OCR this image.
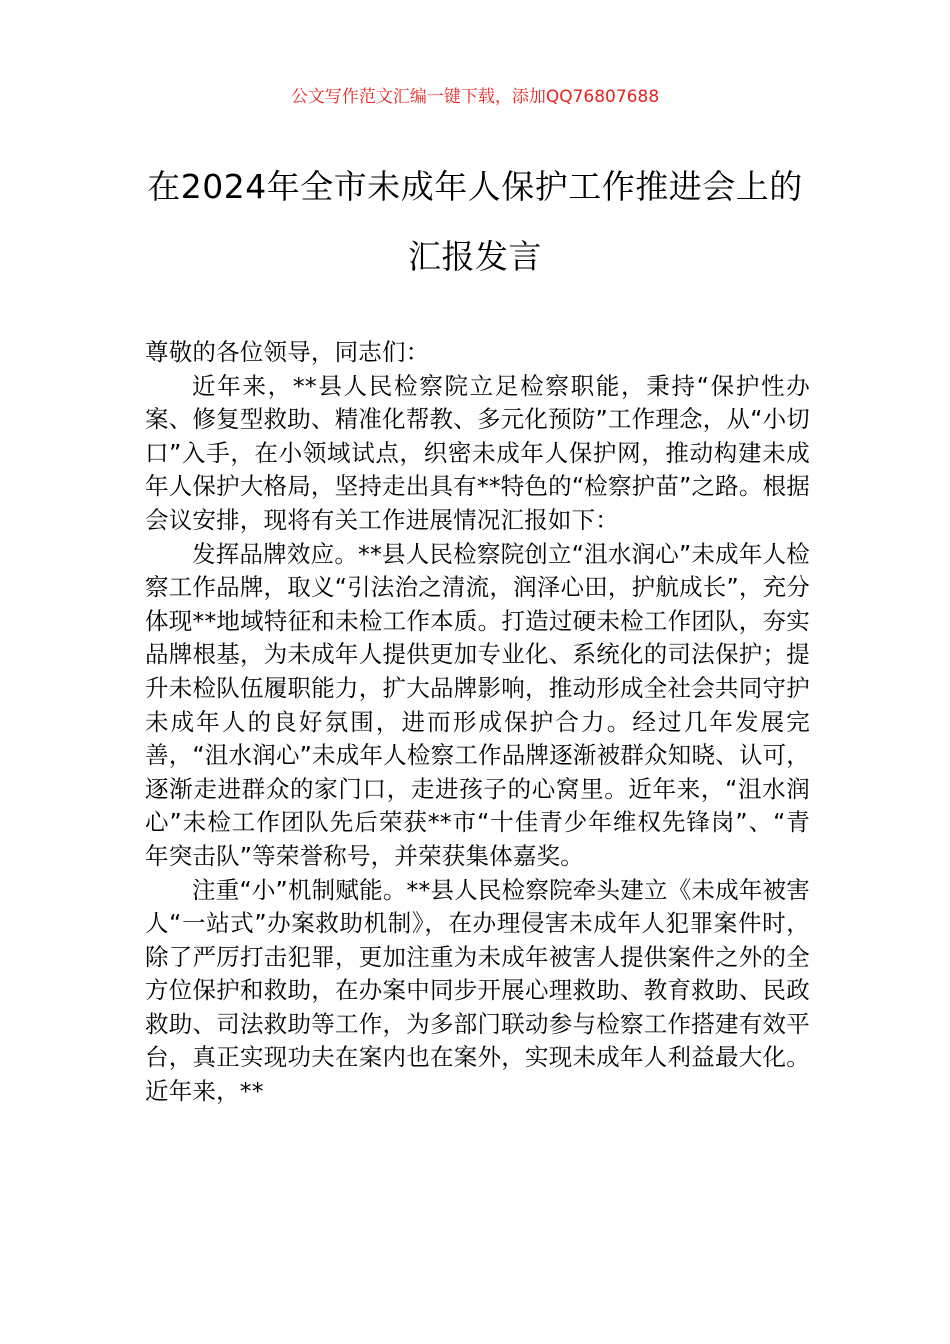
公文写作范文汇编一键下载，添加QQ76807688
在2024年全市未成年人保护工作推进会上的汇报发言

尊敬的各位领导，同志们：

近年来，**县人民检察院立足检察职能，秉持“保护性办案、修复型救助、精准化帮教、多元化预防”工作理念，从“小切口”入手，在小领域试点，织密未成年人保护网，推动构建未成年人保护大格局，坚持走出具有**特色的“检察护苗”之路。根据会议安排，现将有关工作进展情况汇报如下：

发挥品牌效应。**县人民检察院创立“沮水润心”未成年人检察工作品牌，取义“引法治之清流，润泽心田，护航成长”，充分体现**地域特征和未检工作本质。打造过硬未检工作团队，夯实品牌根基，为未成年人提供更加专业化、系统化的司法保护；提升未检队伍履职能力，扩大品牌影响，推动形成全社会共同守护未成年人的良好氛围，进而形成保护合力。经过几年发展完善，“沮水润心”未成年人检察工作品牌逐渐被群众知晓、认可，逐渐走进群众的家门口，走进孩子的心窝里。近年来，“沮水润心”未检工作团队先后荣获**市“十佳青少年维权先锋岗”、“青年突击队”等荣誉称号，并荣获集体嘉奖。

注重“小”机制赋能。**县人民检察院牵头建立《未成年被害人“一站式”办案救助机制》，在办理侵害未成年人犯罪案件时，除了严厉打击犯罪，更加注重为未成年被害人提供案件之外的全方位保护和救助，在办案中同步开展心理救助、教育救助、民政救助、司法救助等工作，为多部门联动参与检察工作搭建有效平台，真正实现功夫在案内也在案外，实现未成年人利益最大化。近年来，**
